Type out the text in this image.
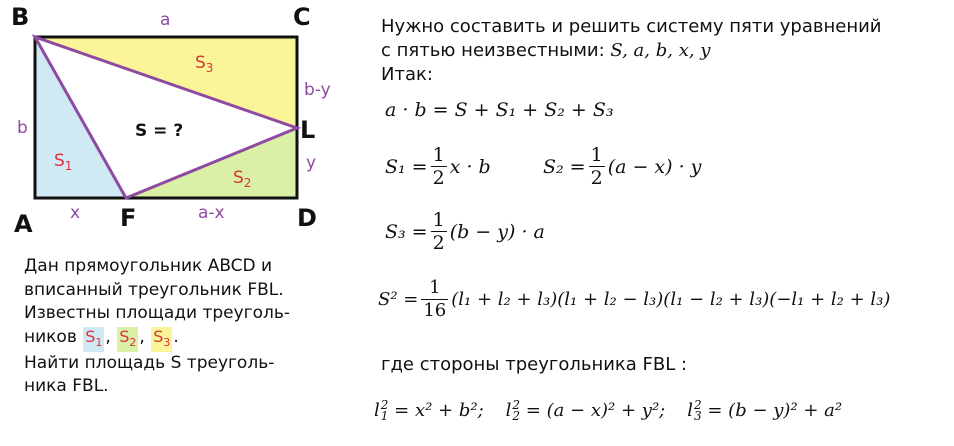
B	C
A	D
F
L
a
b
b-y
y
x	a-x
$S_3$
$S_1$
$S_2$
S = ?
Дан прямоугольник ABCD и
вписанный треугольник FBL.
Известны площади треуголь-
ников $S_1$ , $S_2$ , $S_3$ .
Найти площадь S треуголь-
ника FBL.
Нужно составить и решить систему пяти уравнений
с пятью неизвестными: S, a, b, x, y
Итак:
a · b = S + S₁ + S₂ + S₃
$S_1 = \frac{1}{2}$ x · b	$S_2 = \frac{1}{2} (a - x) \cdot y$
$S_3 = \frac{1}{2} (b - y) \cdot a$
$S^2 = \frac{1}{16} (l_1 + l_2 + l_3)(l_1 + l_2 - l_3)(l_1 - l_2 + l_3)(-l_1 + l_2 + l_3)$
где стороны треугольника FBL :
l 2
1 = x² + b²; l 2
2 = (a − x)² + y²; l 2
3 = (b − y)² + a²
